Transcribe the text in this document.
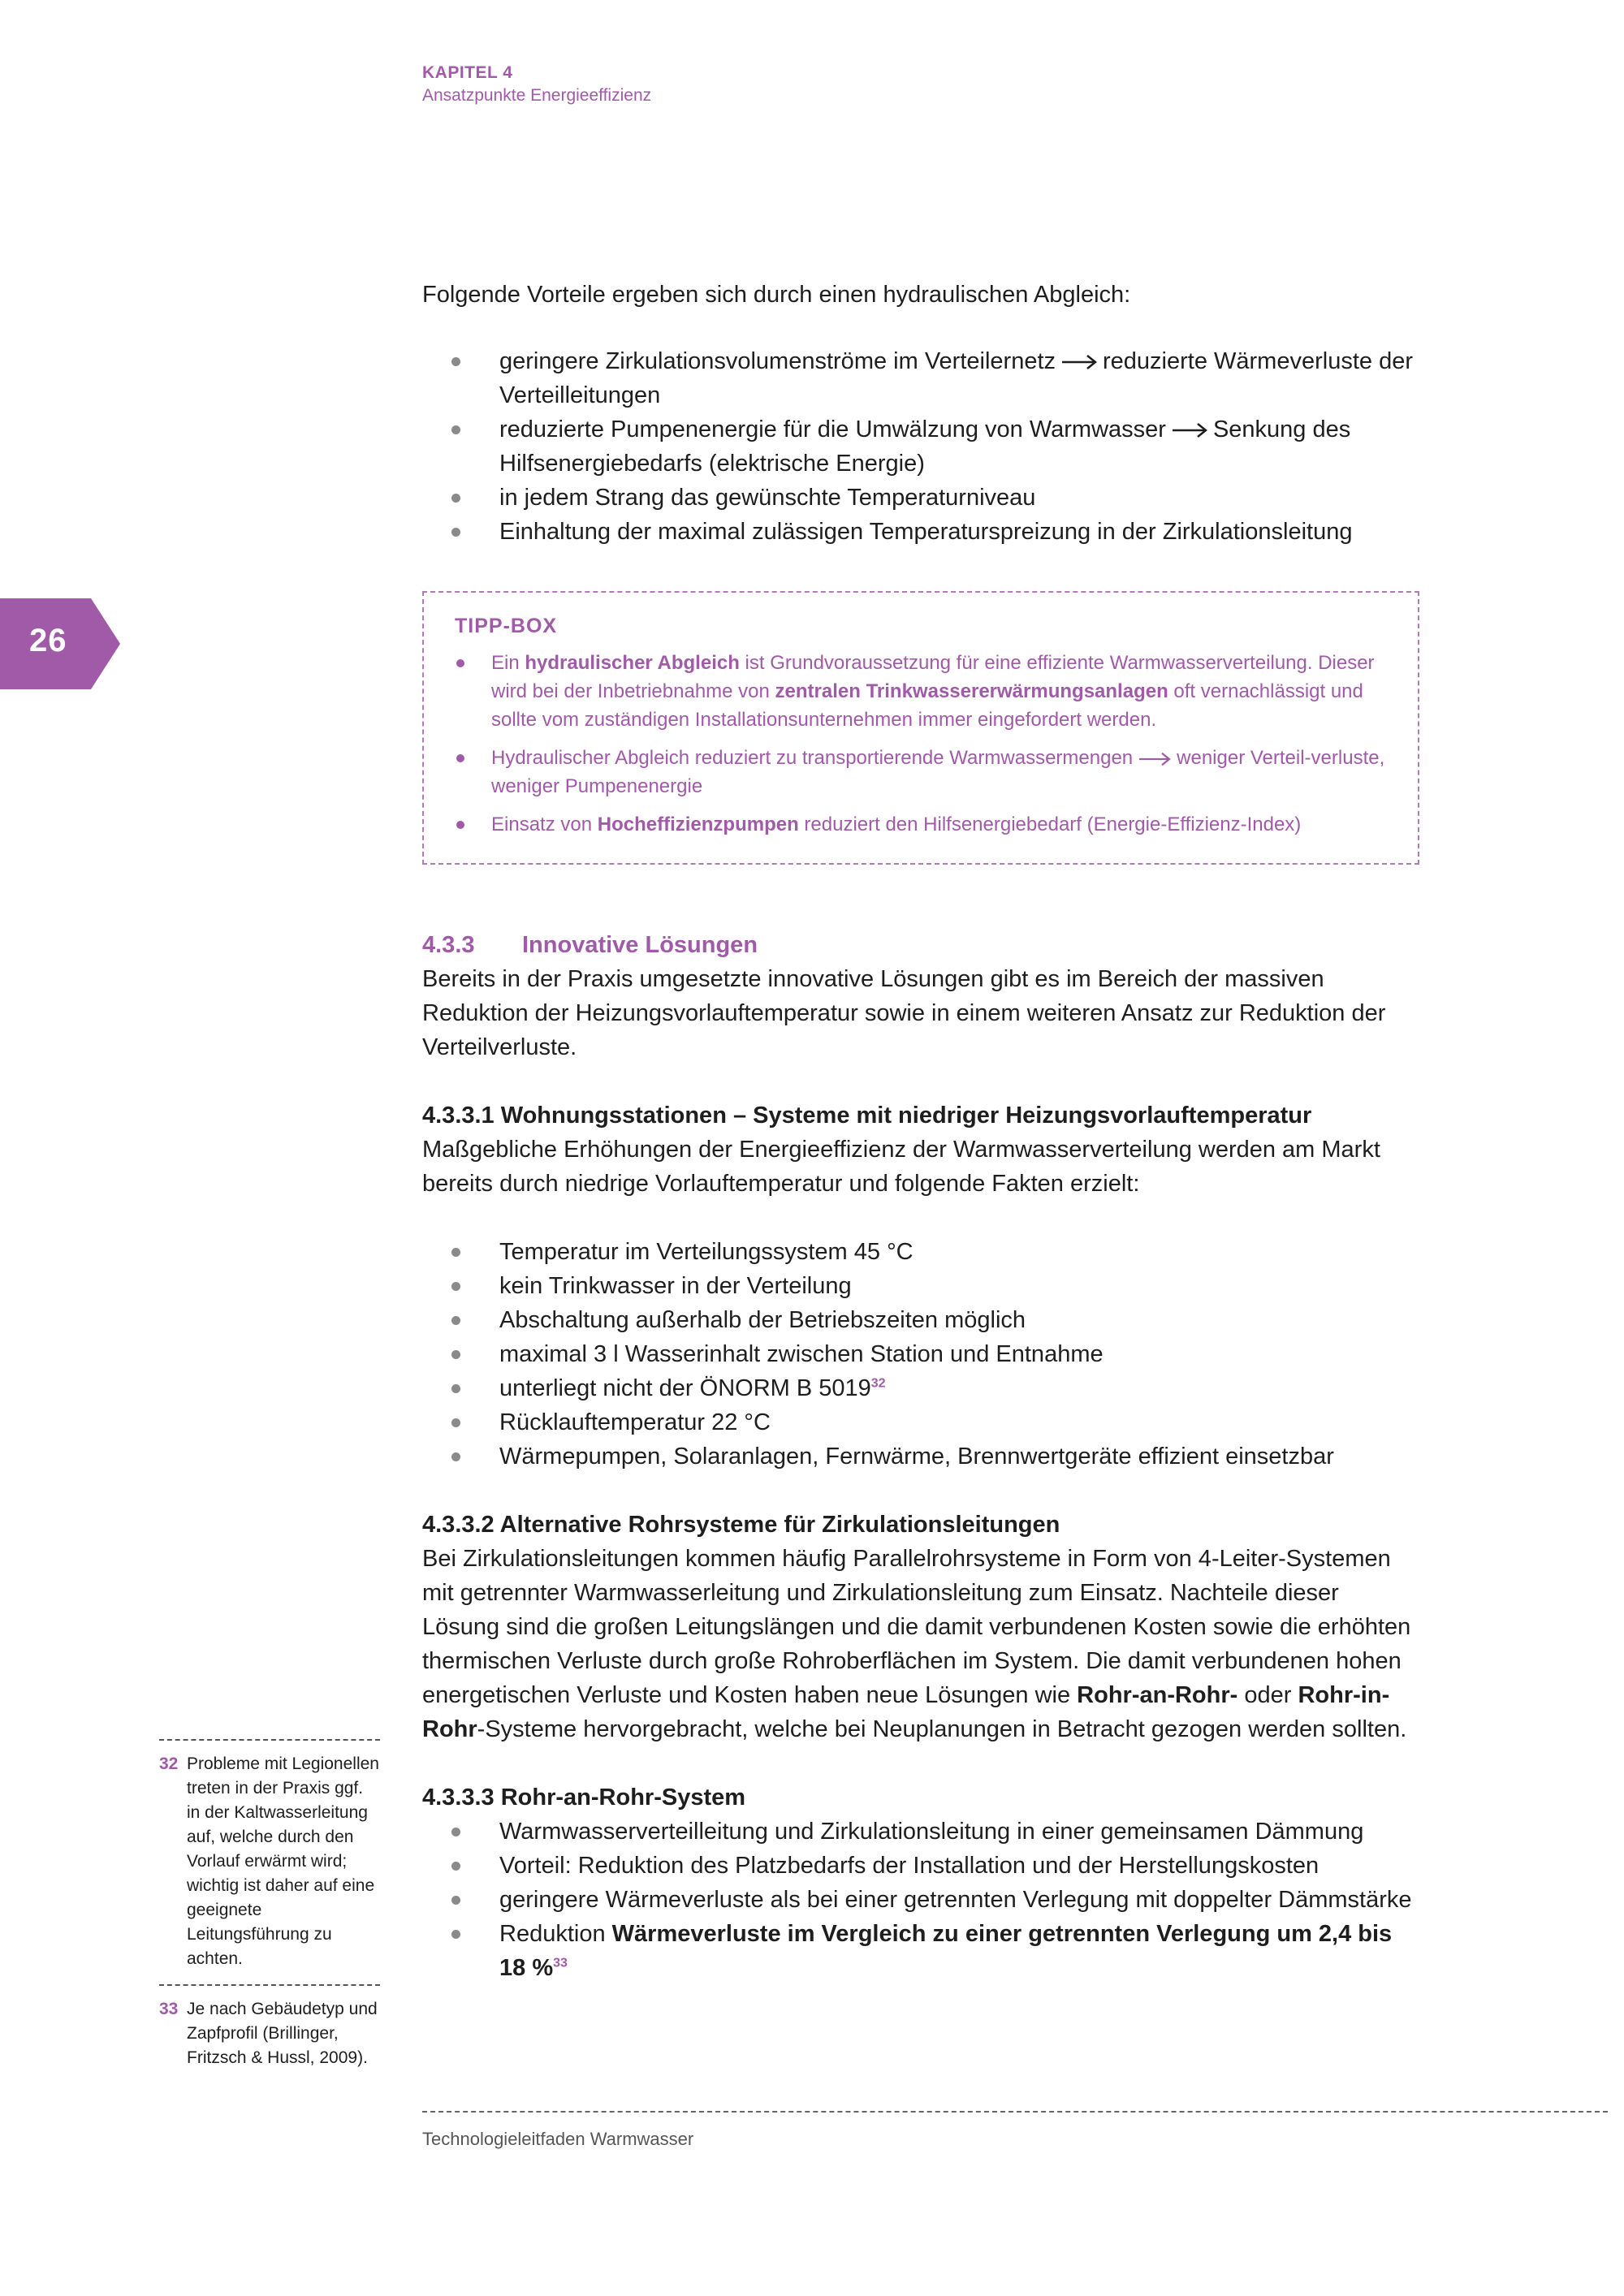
KAPITEL 4
Ansatzpunkte Energieeffizienz
26

Folgende Vorteile ergeben sich durch einen hydraulischen Abgleich:

geringere Zirkulationsvolumenströme im Verteilernetz reduzierte Wärmeverluste der Verteilleitungen
reduzierte Pumpenenergie für die Umwälzung von Warmwasser Senkung des Hilfsenergiebedarfs (elektrische Energie)
in jedem Strang das gewünschte Temperaturniveau
Einhaltung der maximal zulässigen Temperaturspreizung in der Zirkulationsleitung
TIPP-BOX
Ein hydraulischer Abgleich ist Grundvoraussetzung für eine effiziente Warmwasserverteilung. Dieser wird bei der Inbetriebnahme von zentralen Trinkwassererwärmungsanlagen oft vernachlässigt und sollte vom zuständigen Installationsunternehmen immer eingefordert werden.
Hydraulischer Abgleich reduziert zu transportierende Warmwassermengen weniger Verteil-verluste, weniger Pumpenenergie
Einsatz von Hocheffizienzpumpen reduziert den Hilfsenergiebedarf (Energie-Effizienz-Index)

4.3.3 Innovative Lösungen

Bereits in der Praxis umgesetzte innovative Lösungen gibt es im Bereich der massiven Reduktion der Heizungsvorlauftemperatur sowie in einem weiteren Ansatz zur Reduktion der Verteilverluste.

4.3.3.1 Wohnungsstationen – Systeme mit niedriger Heizungsvorlauftemperatur

Maßgebliche Erhöhungen der Energieeffizienz der Warmwasserverteilung werden am Markt bereits durch niedrige Vorlauftemperatur und folgende Fakten erzielt:

Temperatur im Verteilungssystem 45 °C
kein Trinkwasser in der Verteilung
Abschaltung außerhalb der Betriebszeiten möglich
maximal 3 l Wasserinhalt zwischen Station und Entnahme
unterliegt nicht der ÖNORM B 5019$^{32}$
Rücklauftemperatur 22 °C
Wärmepumpen, Solaranlagen, Fernwärme, Brennwertgeräte effizient einsetzbar

4.3.3.2 Alternative Rohrsysteme für Zirkulationsleitungen

Bei Zirkulationsleitungen kommen häufig Parallelrohrsysteme in Form von 4-Leiter-Systemen mit getrennter Warmwasserleitung und Zirkulationsleitung zum Einsatz. Nachteile dieser Lösung sind die großen Leitungslängen und die damit verbundenen Kosten sowie die erhöhten thermischen Verluste durch große Rohroberflächen im System. Die damit verbundenen hohen energetischen Verluste und Kosten haben neue Lösungen wie Rohr-an-Rohr- oder Rohr-in-Rohr-Systeme hervorgebracht, welche bei Neuplanungen in Betracht gezogen werden sollten.

4.3.3.3 Rohr-an-Rohr-System

Warmwasserverteilleitung und Zirkulationsleitung in einer gemeinsamen Dämmung
Vorteil: Reduktion des Platzbedarfs der Installation und der Herstellungskosten
geringere Wärmeverluste als bei einer getrennten Verlegung mit doppelter Dämmstärke
Reduktion Wärmeverluste im Vergleich zu einer getrennten Verlegung um 2,4 bis 18 %$^{33}$
32 Probleme mit Legionellen treten in der Praxis ggf. in der Kaltwasserleitung auf, welche durch den Vorlauf erwärmt wird; wichtig ist daher auf eine geeignete Leitungsführung zu achten.
33 Je nach Gebäudetyp und Zapfprofil (Brillinger, Fritzsch & Hussl, 2009).
Technologieleitfaden Warmwasser
